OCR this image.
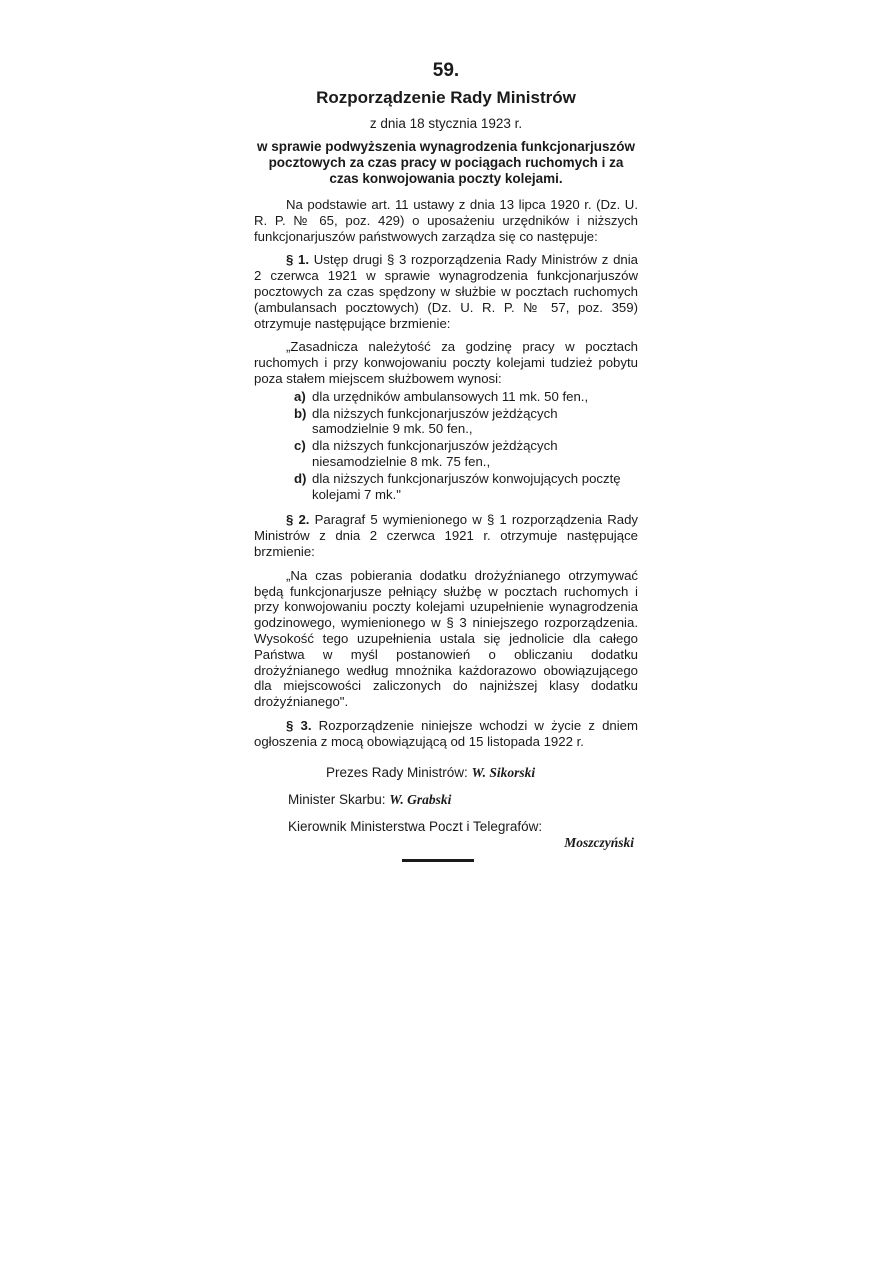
59.
Rozporządzenie Rady Ministrów
z dnia 18 stycznia 1923 r.
w sprawie podwyższenia wynagrodzenia funkcjonarjuszów pocztowych za czas pracy w pociągach ruchomych i za czas konwojowania poczty kolejami.

Na podstawie art. 11 ustawy z dnia 13 lipca 1920 r. (Dz. U. R. P. № 65, poz. 429) o uposażeniu urzędników i niższych funkcjonarjuszów państwowych zarządza się co następuje:

§ 1. Ustęp drugi § 3 rozporządzenia Rady Ministrów z dnia 2 czerwca 1921 w sprawie wynagrodzenia funkcjonarjuszów pocztowych za czas spędzony w służbie w pocztach ruchomych (ambulansach pocztowych) (Dz. U. R. P. № 57, poz. 359) otrzymuje następujące brzmienie:

„Zasadnicza należytość za godzinę pracy w pocztach ruchomych i przy konwojowaniu poczty kolejami tudzież pobytu poza stałem miejscem służbowem wynosi:

a) dla urzędników ambulansowych 11 mk. 50 fen.,
b) dla niższych funkcjonarjuszów jeżdżących samodzielnie 9 mk. 50 fen.,
c) dla niższych funkcjonarjuszów jeżdżących niesamodzielnie 8 mk. 75 fen.,
d) dla niższych funkcjonarjuszów konwojujących pocztę kolejami 7 mk."

§ 2. Paragraf 5 wymienionego w § 1 rozporządzenia Rady Ministrów z dnia 2 czerwca 1921 r. otrzymuje następujące brzmienie:

„Na czas pobierania dodatku drożyźnianego otrzymywać będą funkcjonarjusze pełniący służbę w pocztach ruchomych i przy konwojowaniu poczty kolejami uzupełnienie wynagrodzenia godzinowego, wymienionego w § 3 niniejszego rozporządzenia. Wysokość tego uzupełnienia ustala się jednolicie dla całego Państwa w myśl postanowień o obliczaniu dodatku drożyźnianego według mnożnika każdorazowo obowiązującego dla miejscowości zaliczonych do najniższej klasy dodatku drożyźnianego".

§ 3. Rozporządzenie niniejsze wchodzi w życie z dniem ogłoszenia z mocą obowiązującą od 15 listopada 1922 r.

Prezes Rady Ministrów: W. Sikorski

Minister Skarbu: W. Grabski

Kierownik Ministerstwa Poczt i Telegrafów:

Moszczyński
